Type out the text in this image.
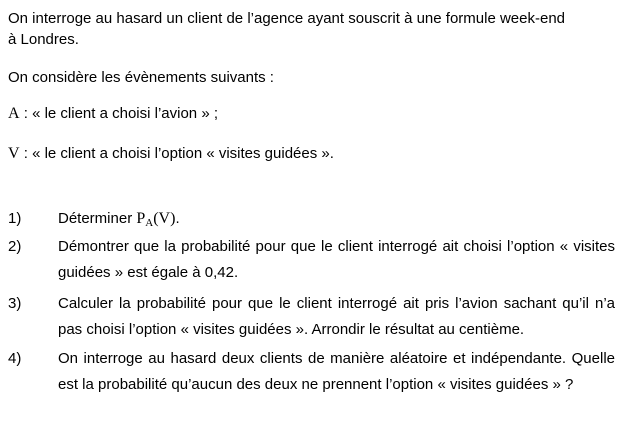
On interroge au hasard un client de l’agence ayant souscrit à une formule week-end
à Londres.
On considère les évènements suivants :
A : « le client a choisi l’avion » ;
V : « le client a choisi l’option « visites guidées ».
1)	Déterminer $P_A(V)$.
2)	Démontrer que la probabilité pour que le client interrogé ait choisi l’option « visites guidées » est égale à 0,42.
3)	Calculer la probabilité pour que le client interrogé ait pris l’avion sachant qu’il n’a pas choisi l’option « visites guidées ». Arrondir le résultat au centième.
4)	On interroge au hasard deux clients de manière aléatoire et indépendante. Quelle est la probabilité qu’aucun des deux ne prennent l’option « visites guidées » ?
